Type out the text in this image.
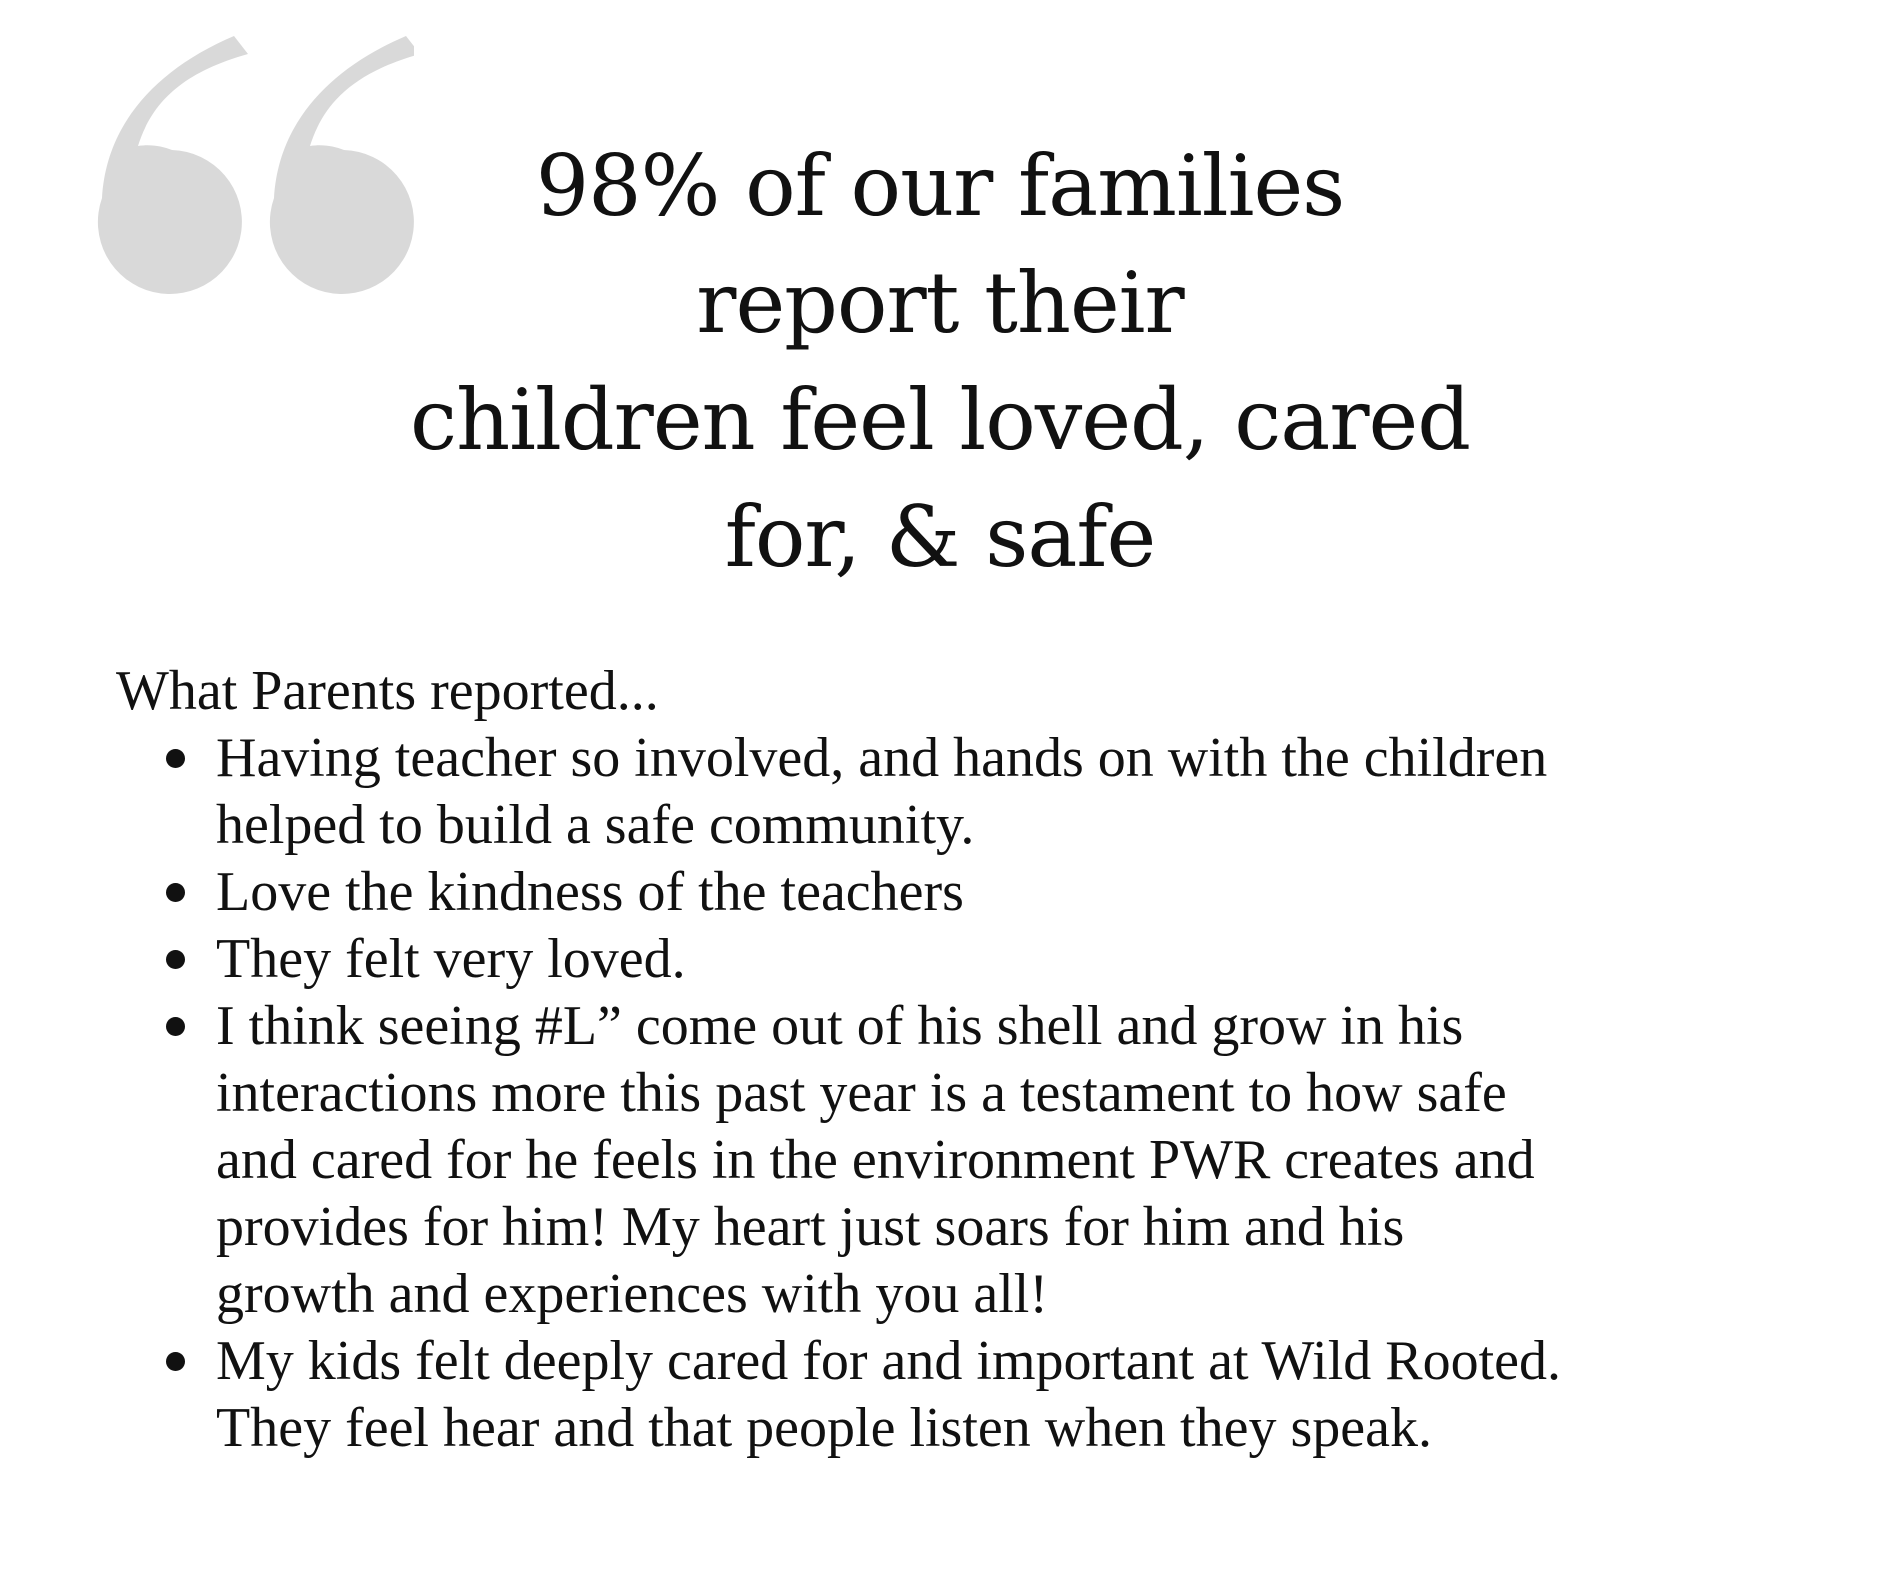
98% of our families
report their
children feel loved, cared
for, & safe

What Parents reported...

Having teacher so involved, and hands on with the children
helped to build a safe community.
Love the kindness of the teachers
They felt very loved.
I think seeing #L” come out of his shell and grow in his
interactions more this past year is a testament to how safe
and cared for he feels in the environment PWR creates and
provides for him! My heart just soars for him and his
growth and experiences with you all!
My kids felt deeply cared for and important at Wild Rooted.
They feel hear and that people listen when they speak.
